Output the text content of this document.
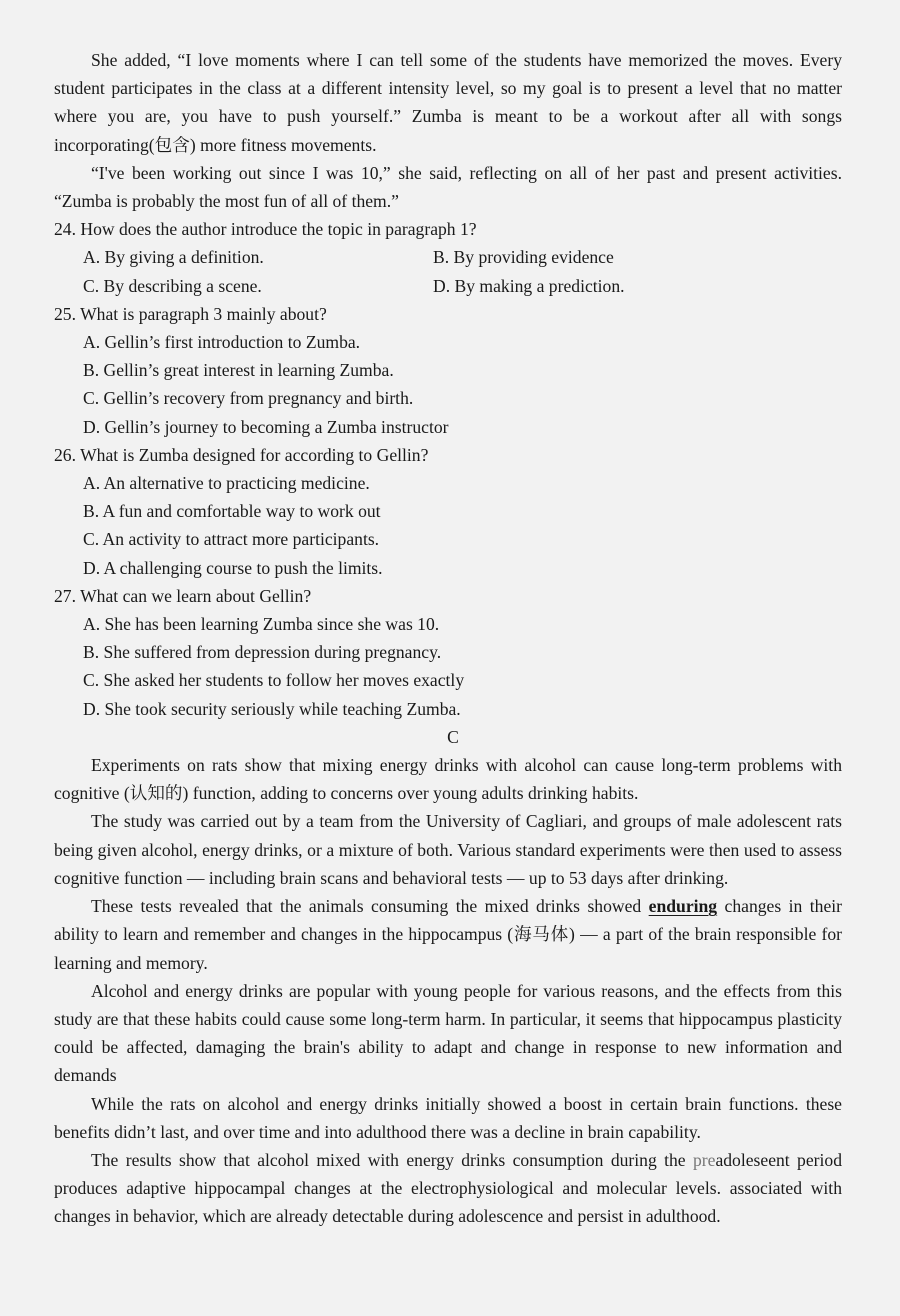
She added, “I love moments where I can tell some of the students have memorized the moves. Every student participates in the class at a different intensity level, so my goal is to present a level that no matter where you are, you have to push yourself.” Zumba is meant to be a workout after all with songs incorporating(包含) more fitness movements.

“I've been working out since I was 10,” she said, reflecting on all of her past and present activities. “Zumba is probably the most fun of all of them.”

24. How does the author introduce the topic in paragraph 1?

A. By giving a definition.	B. By providing evidence
C. By describing a scene.	D. By making a prediction.

25. What is paragraph 3 mainly about?

A. Gellin’s first introduction to Zumba.

B. Gellin’s great interest in learning Zumba.

C. Gellin’s recovery from pregnancy and birth.

D. Gellin’s journey to becoming a Zumba instructor

26. What is Zumba designed for according to Gellin?

A. An alternative to practicing medicine.

B. A fun and comfortable way to work out

C. An activity to attract more participants.

D. A challenging course to push the limits.

27. What can we learn about Gellin?

A. She has been learning Zumba since she was 10.

B. She suffered from depression during pregnancy.

C. She asked her students to follow her moves exactly

D. She took security seriously while teaching Zumba.

C

Experiments on rats show that mixing energy drinks with alcohol can cause long-term problems with cognitive (认知的) function, adding to concerns over young adults drinking habits.

The study was carried out by a team from the University of Cagliari, and groups of male adolescent rats being given alcohol, energy drinks, or a mixture of both. Various standard experiments were then used to assess cognitive function — including brain scans and behavioral tests — up to 53 days after drinking.

These tests revealed that the animals consuming the mixed drinks showed enduring changes in their ability to learn and remember and changes in the hippocampus (海马体) — a part of the brain responsible for learning and memory.

Alcohol and energy drinks are popular with young people for various reasons, and the effects from this study are that these habits could cause some long-term harm. In particular, it seems that hippocampus plasticity could be affected, damaging the brain's ability to adapt and change in response to new information and demands

While the rats on alcohol and energy drinks initially showed a boost in certain brain functions. these benefits didn’t last, and over time and into adulthood there was a decline in brain capability.

The results show that alcohol mixed with energy drinks consumption during the preadoleseent period produces adaptive hippocampal changes at the electrophysiological and molecular levels. associated with changes in behavior, which are already detectable during adolescence and persist in adulthood.
